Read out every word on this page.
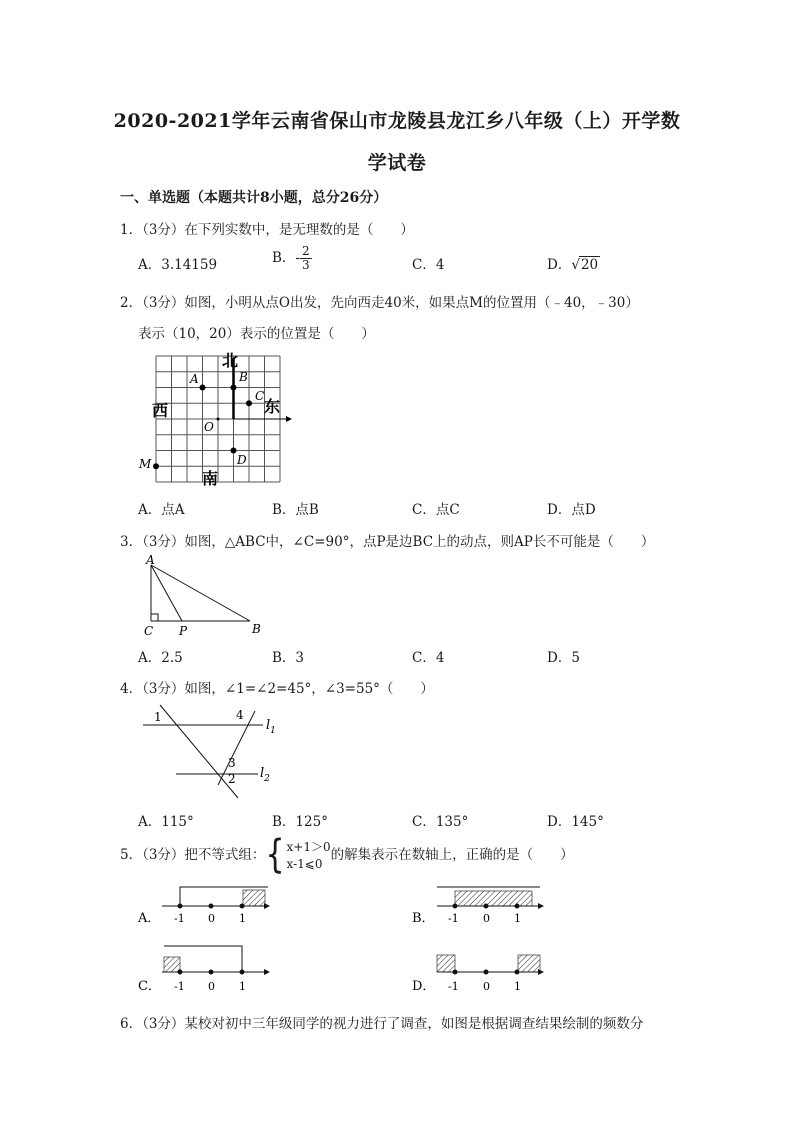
2020-2021学年云南省保山市龙陵县龙江乡八年级（上）开学数
学试卷
一、单选题（本题共计8小题，总分26分）
1．（3分）在下列实数中，是无理数的是（　　）
A．3.14159	B．- $\frac{2}{3}$	C．4	D．√20
2．（3分）如图，小明从点O出发，先向西走40米，如果点M的位置用（﹣40，﹣30）
表示（10，20）表示的位置是（　　）
北
南
西	东
A	B
C
D
O
M
A．点A	B．点B	C．点C	D．点D
3．（3分）如图，△ABC中，∠C=90°，点P是边BC上的动点，则AP长不可能是（　　）
A
C P	B
A．2.5	B．3	C．4	D．5
4．（3分）如图，∠1=∠2=45°，∠3=55°（　　）
1	4
3
2
$l_1$
$l_2$
A．115°	B．125°	C．135°	D．145°
5．（3分）把不等式组：{ x+1＞0
x-1⩽0
的解集表示在数轴上，正确的是（　　）
A． -1 0 1	B． -1 0 1
C． -1 0 1	D． -1 0 1
6．（3分）某校对初中三年级同学的视力进行了调查，如图是根据调查结果绘制的频数分
